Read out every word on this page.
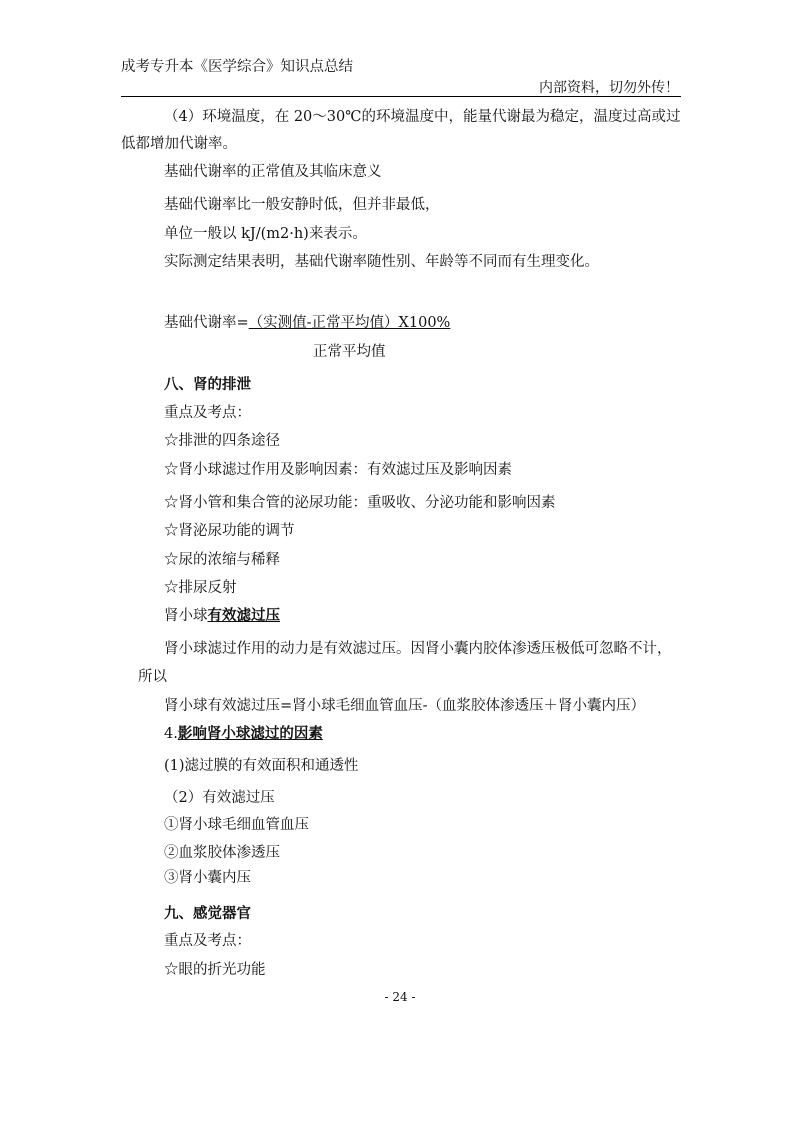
成考专升本《医学综合》知识点总结
内部资料，切勿外传！
（4）环境温度，在 20～30℃的环境温度中，能量代谢最为稳定，温度过高或过
低都增加代谢率。
基础代谢率的正常值及其临床意义
基础代谢率比一般安静时低，但并非最低，
单位一般以 kJ/(m2·h)来表示。
实际测定结果表明，基础代谢率随性别、年龄等不同而有生理变化。
基础代谢率=（实测值-正常平均值）X100%
正常平均值
八、肾的排泄
重点及考点：
☆排泄的四条途径
☆肾小球滤过作用及影响因素：有效滤过压及影响因素
☆肾小管和集合管的泌尿功能：重吸收、分泌功能和影响因素
☆肾泌尿功能的调节
☆尿的浓缩与稀释
☆排尿反射
肾小球有效滤过压
肾小球滤过作用的动力是有效滤过压。因肾小囊内胶体渗透压极低可忽略不计，
所以
肾小球有效滤过压=肾小球毛细血管血压-（血浆胶体渗透压＋肾小囊内压）
4.影响肾小球滤过的因素
(1)滤过膜的有效面积和通透性
（2）有效滤过压
①肾小球毛细血管血压
②血浆胶体渗透压
③肾小囊内压
九、感觉器官
重点及考点：
☆眼的折光功能
- 24 -
